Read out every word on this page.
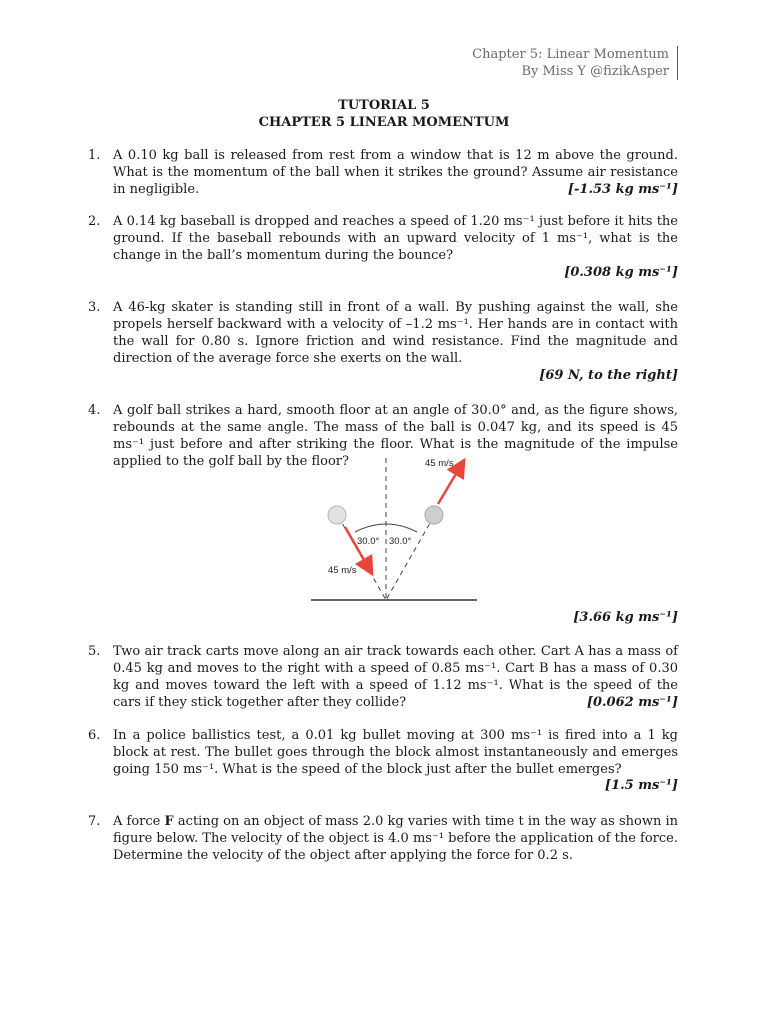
Chapter 5: Linear Momentum
By Miss Y @fizikAsper
TUTORIAL 5
CHAPTER 5 LINEAR MOMENTUM
1. A 0.10 kg ball is released from rest from a window that is 12 m above the ground. What is the momentum of the ball when it strikes the ground? Assume air resistance in negligible.	[-1.53 kg ms⁻¹]
2. A 0.14 kg baseball is dropped and reaches a speed of 1.20 ms⁻¹ just before it hits the ground. If the baseball rebounds with an upward velocity of 1 ms⁻¹, what is the change in the ball’s momentum during the bounce?
[0.308 kg ms⁻¹]
3. A 46-kg skater is standing still in front of a wall. By pushing against the wall, she propels herself backward with a velocity of –1.2 ms⁻¹. Her hands are in contact with the wall for 0.80 s. Ignore friction and wind resistance. Find the magnitude and direction of the average force she exerts on the wall.
[69 N, to the right]
4. A golf ball strikes a hard, smooth floor at an angle of 30.0° and, as the figure shows, rebounds at the same angle. The mass of the ball is 0.047 kg, and its speed is 45 ms⁻¹ just before and after striking the floor. What is the magnitude of the impulse applied to the golf ball by the floor?	45 m/s
45 m/s
30.0° 30.0°
[3.66 kg ms⁻¹]
5. Two air track carts move along an air track towards each other. Cart A has a mass of 0.45 kg and moves to the right with a speed of 0.85 ms⁻¹. Cart B has a mass of 0.30 kg and moves toward the left with a speed of 1.12 ms⁻¹. What is the speed of the cars if they stick together after they collide?	[0.062 ms⁻¹]
6. In a police ballistics test, a 0.01 kg bullet moving at 300 ms⁻¹ is fired into a 1 kg block at rest. The bullet goes through the block almost instantaneously and emerges going 150 ms⁻¹. What is the speed of the block just after the bullet emerges?
[1.5 ms⁻¹]
7. A force F acting on an object of mass 2.0 kg varies with time t in the way as shown in figure below. The velocity of the object is 4.0 ms⁻¹ before the application of the force. Determine the velocity of the object after applying the force for 0.2 s.
